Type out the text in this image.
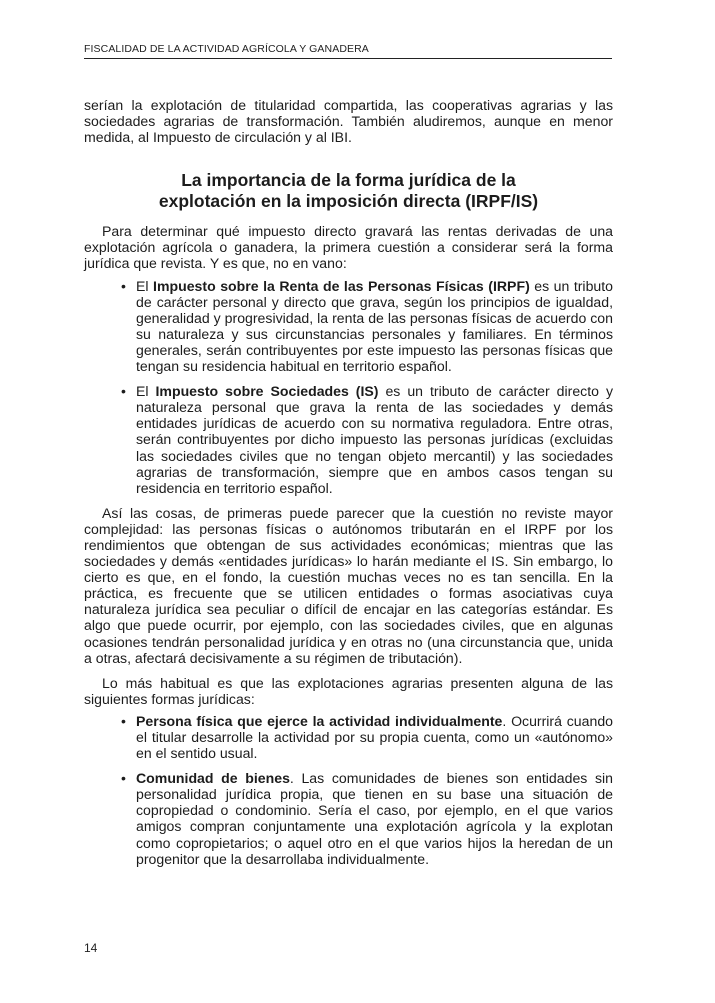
FISCALIDAD DE LA ACTIVIDAD AGRÍCOLA Y GANADERA

serían la explotación de titularidad compartida, las cooperativas agrarias y las sociedades agrarias de transformación. También aludiremos, aunque en menor medida, al Impuesto de circulación y al IBI.

La importancia de la forma jurídica de la
explotación en la imposición directa (IRPF/IS)

Para determinar qué impuesto directo gravará las rentas derivadas de una explotación agrícola o ganadera, la primera cuestión a considerar será la forma jurídica que revista. Y es que, no en vano:

• El Impuesto sobre la Renta de las Personas Físicas (IRPF) es un tributo de carácter personal y directo que grava, según los principios de igualdad, generalidad y progresividad, la renta de las personas físicas de acuerdo con su naturaleza y sus circunstancias personales y familiares. En términos generales, serán contribuyentes por este impuesto las personas físicas que tengan su residencia habitual en territorio español.
• El Impuesto sobre Sociedades (IS) es un tributo de carácter directo y naturaleza personal que grava la renta de las sociedades y demás entidades jurídicas de acuerdo con su normativa reguladora. Entre otras, serán contribuyentes por dicho impuesto las personas jurídicas (excluidas las sociedades civiles que no tengan objeto mercantil) y las sociedades agrarias de transformación, siempre que en ambos casos tengan su residencia en territorio español.

Así las cosas, de primeras puede parecer que la cuestión no reviste mayor complejidad: las personas físicas o autónomos tributarán en el IRPF por los rendimientos que obtengan de sus actividades económicas; mientras que las sociedades y demás «entidades jurídicas» lo harán mediante el IS. Sin embargo, lo cierto es que, en el fondo, la cuestión muchas veces no es tan sencilla. En la práctica, es frecuente que se utilicen entidades o formas asociativas cuya naturaleza jurídica sea peculiar o difícil de encajar en las categorías estándar. Es algo que puede ocurrir, por ejemplo, con las sociedades civiles, que en algunas ocasiones tendrán personalidad jurídica y en otras no (una circunstancia que, unida a otras, afectará decisivamente a su régimen de tributación).

Lo más habitual es que las explotaciones agrarias presenten alguna de las siguientes formas jurídicas:

• Persona física que ejerce la actividad individualmente. Ocurrirá cuando el titular desarrolle la actividad por su propia cuenta, como un «autónomo» en el sentido usual.
• Comunidad de bienes. Las comunidades de bienes son entidades sin personalidad jurídica propia, que tienen en su base una situación de copropiedad o condominio. Sería el caso, por ejemplo, en el que varios amigos compran conjuntamente una explotación agrícola y la explotan como copropietarios; o aquel otro en el que varios hijos la heredan de un progenitor que la desarrollaba individualmente.
14
